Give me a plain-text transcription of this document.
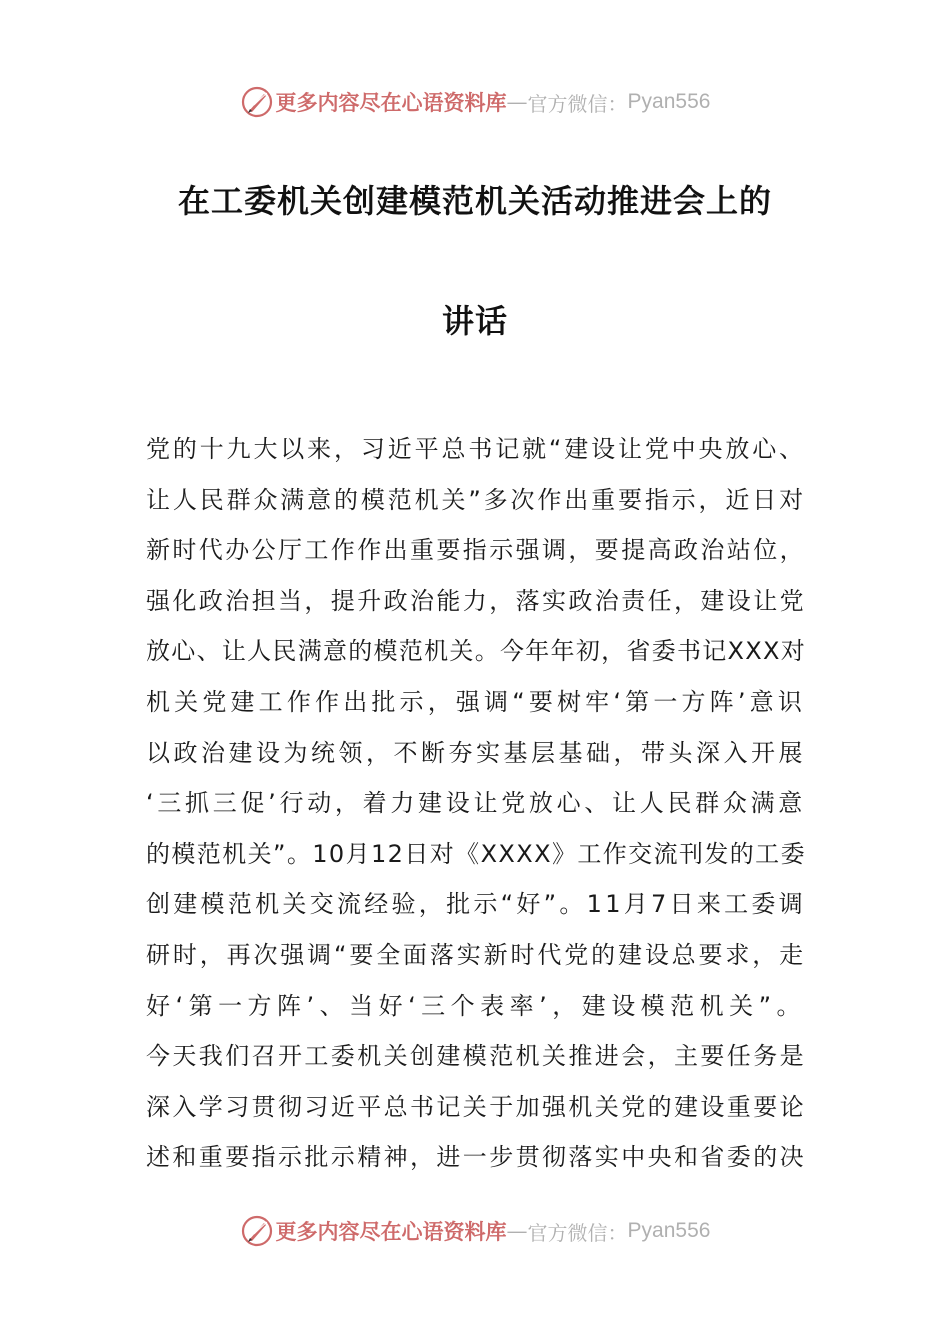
更多内容尽在心语资料库 — 官方微信： Pyan556
在工委机关创建模范机关活动推进会上的
讲话
党的十九大以来，习近平总书记就“建设让党中央放心、
让人民群众满意的模范机关”多次作出重要指示，近日对
新时代办公厅工作作出重要指示强调，要提高政治站位，
强化政治担当，提升政治能力，落实政治责任，建设让党
放心、让人民满意的模范机关。今年年初，省委书记XXX对
机关党建工作作出批示，强调“要树牢‘第一方阵’意识
以政治建设为统领，不断夯实基层基础，带头深入开展
‘三抓三促’行动，着力建设让党放心、让人民群众满意
的模范机关”。10月12日对《XXXX》工作交流刊发的工委
创建模范机关交流经验，批示“好”。11月7日来工委调
研时，再次强调“要全面落实新时代党的建设总要求，走
好‘第一方阵’、当好‘三个表率’，建设模范机关”。
今天我们召开工委机关创建模范机关推进会，主要任务是
深入学习贯彻习近平总书记关于加强机关党的建设重要论
述和重要指示批示精神，进一步贯彻落实中央和省委的决
更多内容尽在心语资料库 — 官方微信： Pyan556
